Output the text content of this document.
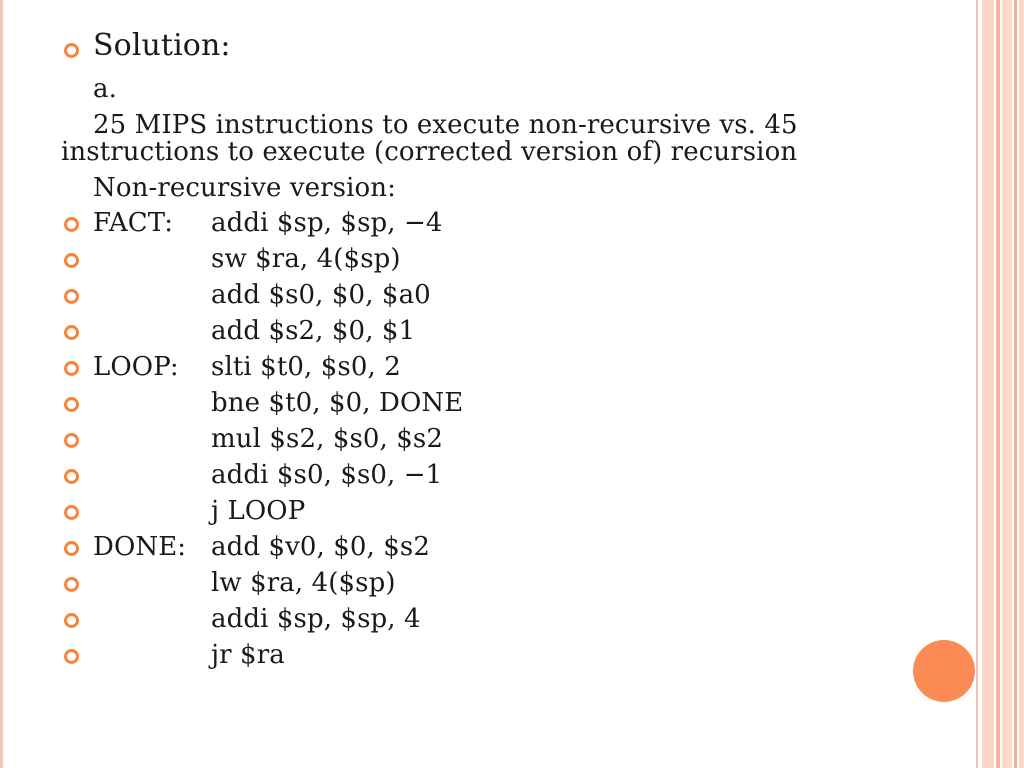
Solution:
a.
25 MIPS instructions to execute non-recursive vs. 45
instructions to execute (corrected version of) recursion
Non-recursive version:
FACT: addi $sp, $sp, −4
sw $ra, 4($sp)
add $s0, $0, $a0
add $s2, $0, $1
LOOP: slti $t0, $s0, 2
bne $t0, $0, DONE
mul $s2, $s0, $s2
addi $s0, $s0, −1
j LOOP
DONE: add $v0, $0, $s2
lw $ra, 4($sp)
addi $sp, $sp, 4
jr $ra
